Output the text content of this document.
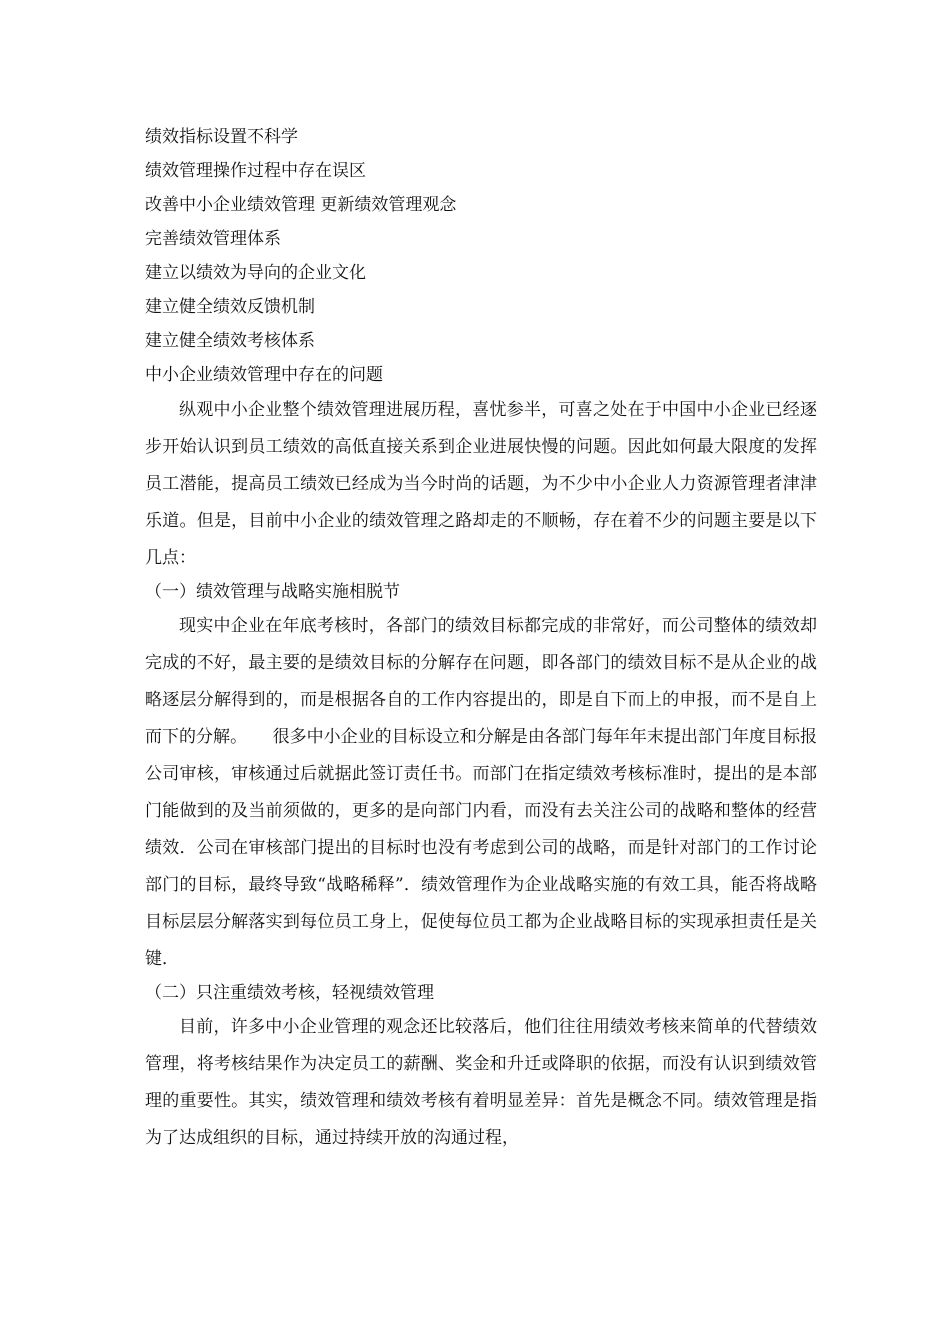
绩效指标设置不科学
绩效管理操作过程中存在误区
改善中小企业绩效管理 更新绩效管理观念
完善绩效管理体系
建立以绩效为导向的企业文化
建立健全绩效反馈机制
建立健全绩效考核体系
中小企业绩效管理中存在的问题

纵观中小企业整个绩效管理进展历程，喜忧参半，可喜之处在于中国中小企业已经逐步开始认识到员工绩效的高低直接关系到企业进展快慢的问题。因此如何最大限度的发挥员工潜能，提高员工绩效已经成为当今时尚的话题，为不少中小企业人力资源管理者津津乐道。但是，目前中小企业的绩效管理之路却走的不顺畅，存在着不少的问题主要是以下几点：

（一）绩效管理与战略实施相脱节

现实中企业在年底考核时，各部门的绩效目标都完成的非常好，而公司整体的绩效却完成的不好，最主要的是绩效目标的分解存在问题，即各部门的绩效目标不是从企业的战略逐层分解得到的，而是根据各自的工作内容提出的，即是自下而上的申报，而不是自上而下的分解。　　很多中小企业的目标设立和分解是由各部门每年年末提出部门年度目标报公司审核，审核通过后就据此签订责任书。而部门在指定绩效考核标准时，提出的是本部门能做到的及当前须做的，更多的是向部门内看，而没有去关注公司的战略和整体的经营绩效．公司在审核部门提出的目标时也没有考虑到公司的战略，而是针对部门的工作讨论部门的目标，最终导致“战略稀释”．绩效管理作为企业战略实施的有效工具，能否将战略目标层层分解落实到每位员工身上，促使每位员工都为企业战略目标的实现承担责任是关键．

（二）只注重绩效考核，轻视绩效管理

目前，许多中小企业管理的观念还比较落后，他们往往用绩效考核来简单的代替绩效管理，将考核结果作为决定员工的薪酬、奖金和升迁或降职的依据，而没有认识到绩效管理的重要性。其实，绩效管理和绩效考核有着明显差异：首先是概念不同。绩效管理是指为了达成组织的目标，通过持续开放的沟通过程，
